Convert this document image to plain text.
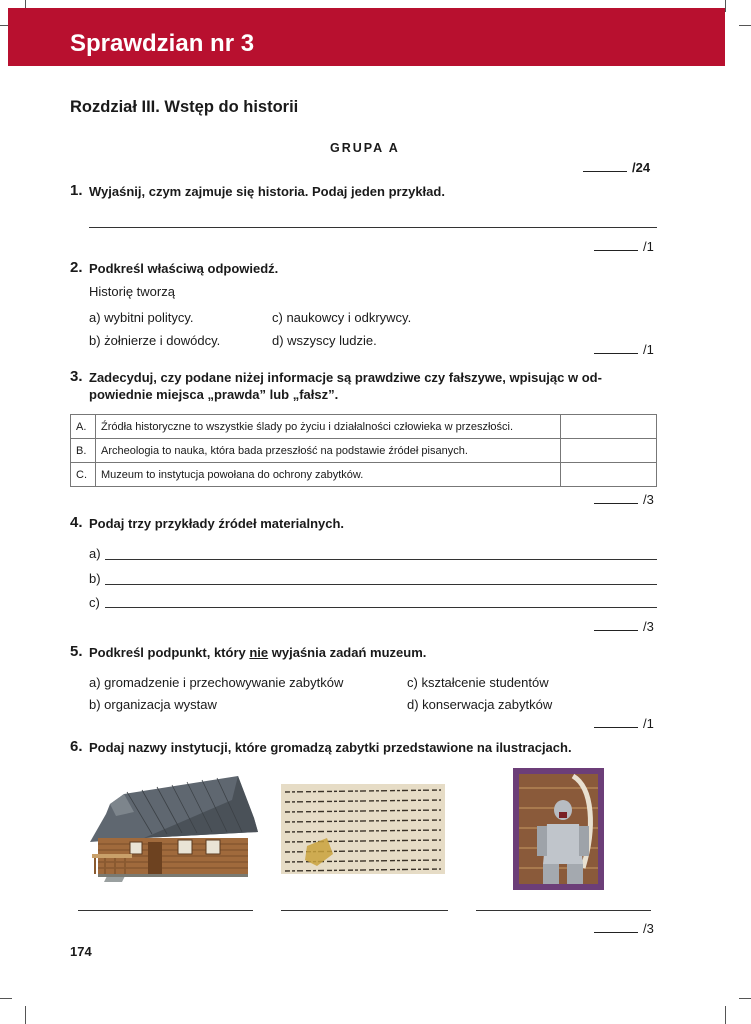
Sprawdzian nr 3
Rozdział III. Wstęp do historii
GRUPA A
/24
1. Wyjaśnij, czym zajmuje się historia. Podaj jeden przykład.
/1
2. Podkreśl właściwą odpowiedź.
Historię tworzą
a) wybitni politycy.
b) żołnierze i dowódcy.
c) naukowcy i odkrywcy.
d) wszyscy ludzie.
/1
3. Zadecyduj, czy podane niżej informacje są prawdziwe czy fałszywe, wpisując w od-
powiednie miejsca „prawda” lub „fałsz”.
A.	Źródła historyczne to wszystkie ślady po życiu i działalności człowieka w przeszłości.	
B.	Archeologia to nauka, która bada przeszłość na podstawie źródeł pisanych.	
C.	Muzeum to instytucja powołana do ochrony zabytków.	
/3
4. Podaj trzy przykłady źródeł materialnych.
a)
b)
c)
/3
5. Podkreśl podpunkt, który nie wyjaśnia zadań muzeum.
a) gromadzenie i przechowywanie zabytków
b) organizacja wystaw
c) kształcenie studentów
d) konserwacja zabytków
/1
6. Podaj nazwy instytucji, które gromadzą zabytki przedstawione na ilustracjach.
/3
174
